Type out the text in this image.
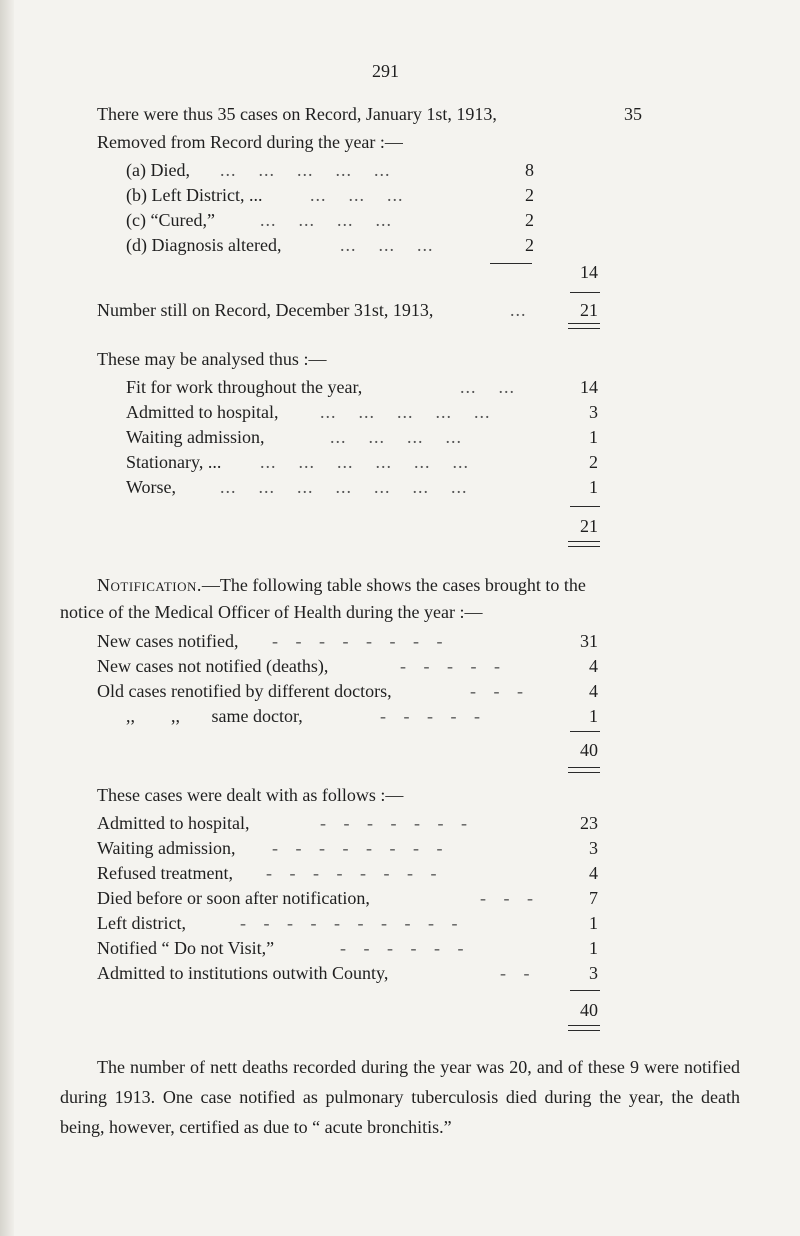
291
There were thus 35 cases on Record, January 1st, 1913,	35
Removed from Record during the year :—
(a) Died, ...    ...    ...    ...    ...	8
(b) Left District, ...	...    ...    ...	2
(c) “Cured,”	...    ...    ...    ...	2
(d) Diagnosis altered,	...    ...    ...	2
14
Number still on Record, December 31st, 1913,	...	21
These may be analysed thus :—
Fit for work throughout the year,	...    ...	14
Admitted to hospital, ...    ...    ...    ...    ...	3
Waiting admission,	...    ...    ...    ...	1
Stationary, ... ...    ...    ...    ...    ...    ...	2
Worse, ...    ...    ...    ...    ...    ...    ...	1
21
Notification.—The following table shows the cases brought to the
notice of the Medical Officer of Health during the year :—
New cases notified, -   -   -   -   -   -   -   -	31
New cases not notified (deaths),	-   -   -   -   -	4
Old cases renotified by different doctors,	-   -   -	4
,,        ,,       same doctor,	-   -   -   -   -	1
40
These cases were dealt with as follows :—
Admitted to hospital,	-   -   -   -   -   -   -	23
Waiting admission, -   -   -   -   -   -   -   -	3
Refused treatment, -   -   -   -   -   -   -   -	4
Died before or soon after notification,	-   -   -	7
Left district,	-   -   -   -   -   -   -   -   -   -	1
Notified “ Do not Visit,”	-   -   -   -   -   -	1
Admitted to institutions outwith County,	-   -	3
40
The number of nett deaths recorded during the year was 20, and of these 9 were notified during 1913. One case notified as pulmonary tuberculosis died during the year, the death being, however, certified as due to “ acute bronchitis.”
